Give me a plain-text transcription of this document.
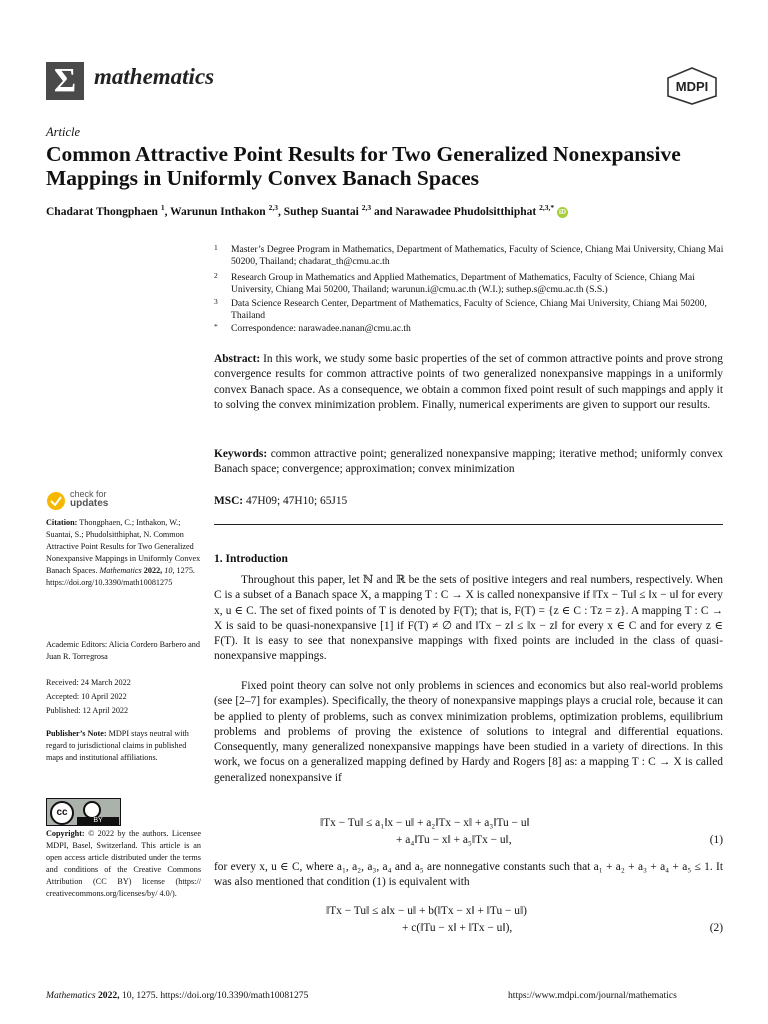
Σ mathematics	MDPI
Article
Common Attractive Point Results for Two Generalized Nonexpansive Mappings in Uniformly Convex Banach Spaces
Chadarat Thongphaen $^1$, Warunun Inthakon $^{2,3}$, Suthep Suantai $^{2,3}$ and Narawadee Phudolsitthiphat $^{2,3,*}$ iD
1 Master’s Degree Program in Mathematics, Department of Mathematics, Faculty of Science, Chiang Mai University, Chiang Mai 50200, Thailand; chadarat_th@cmu.ac.th
2 Research Group in Mathematics and Applied Mathematics, Department of Mathematics, Faculty of Science, Chiang Mai University, Chiang Mai 50200, Thailand; warunun.i@cmu.ac.th (W.I.); suthep.s@cmu.ac.th (S.S.)
3 Data Science Research Center, Department of Mathematics, Faculty of Science, Chiang Mai University, Chiang Mai 50200, Thailand
* Correspondence: narawadee.nanan@cmu.ac.th
Abstract: In this work, we study some basic properties of the set of common attractive points and prove strong convergence results for common attractive points of two generalized nonexpansive mappings in a uniformly convex Banach space. As a consequence, we obtain a common fixed point result of such mappings and apply it to solving the convex minimization problem. Finally, numerical experiments are given to support our results.
Keywords: common attractive point; generalized nonexpansive mapping; iterative method; uniformly convex Banach space; convergence; approximation; convex minimization
MSC: 47H09; 47H10; 65J15
check for
updates
Citation: Thongphaen, C.; Inthakon, W.; Suantai, S.; Phudolsitthiphat, N. Common Attractive Point Results for Two Generalized Nonexpansive Mappings in Uniformly Convex Banach Spaces. Mathematics 2022, 10, 1275. https://doi.org/10.3390/math10081275
Academic Editors: Alicia Cordero Barbero and Juan R. Torregrosa
Received: 24 March 2022
Accepted: 10 April 2022
Published: 12 April 2022
Publisher’s Note: MDPI stays neutral with regard to jurisdictional claims in published maps and institutional affiliations.
cc
BY
Copyright: © 2022 by the authors. Licensee MDPI, Basel, Switzerland. This article is an open access article distributed under the terms and conditions of the Creative Commons Attribution (CC BY) license (https:// creativecommons.org/licenses/by/ 4.0/).
1. Introduction
Throughout this paper, let ℕ and ℝ be the sets of positive integers and real numbers, respectively. When C is a subset of a Banach space X, a mapping T : C → X is called nonexpansive if ‖Tx − Tu‖ ≤ ‖x − u‖ for every x, u ∈ C. The set of fixed points of T is denoted by F(T); that is, F(T) = {z ∈ C : Tz = z}. A mapping T : C → X is said to be quasi-nonexpansive [1] if F(T) ≠ ∅ and ‖Tx − z‖ ≤ ‖x − z‖ for every x ∈ C and for every z ∈ F(T). It is easy to see that nonexpansive mappings with fixed points are included in the class of quasi-nonexpansive mappings.
Fixed point theory can solve not only problems in sciences and economics but also real-world problems (see [2–7] for examples). Specifically, the theory of nonexpansive mappings plays a crucial role, because it can be applied to plenty of problems, such as convex minimization problems, optimization problems, equilibrium problems and problems of proving the existence of solutions to integral and differential equations. Consequently, many generalized nonexpansive mappings have been studied in a variety of directions. In this work, we focus on a generalized mapping defined by Hardy and Rogers [8] as: a mapping T : C → X is called generalized nonexpansive if
‖Tx − Tu‖ ≤ a₁‖x − u‖ + a₂‖Tx − x‖ + a₃‖Tu − u‖
+ a₄‖Tu − x‖ + a₅‖Tx − u‖,	(1)
for every x, u ∈ C, where a₁, a₂, a₃, a₄ and a₅ are nonnegative constants such that a₁ + a₂ + a₃ + a₄ + a₅ ≤ 1. It was also mentioned that condition (1) is equivalent with
‖Tx − Tu‖ ≤ a‖x − u‖ + b(‖Tx − x‖ + ‖Tu − u‖)
+ c(‖Tu − x‖ + ‖Tx − u‖),	(2)
Mathematics 2022, 10, 1275. https://doi.org/10.3390/math10081275	https://www.mdpi.com/journal/mathematics
